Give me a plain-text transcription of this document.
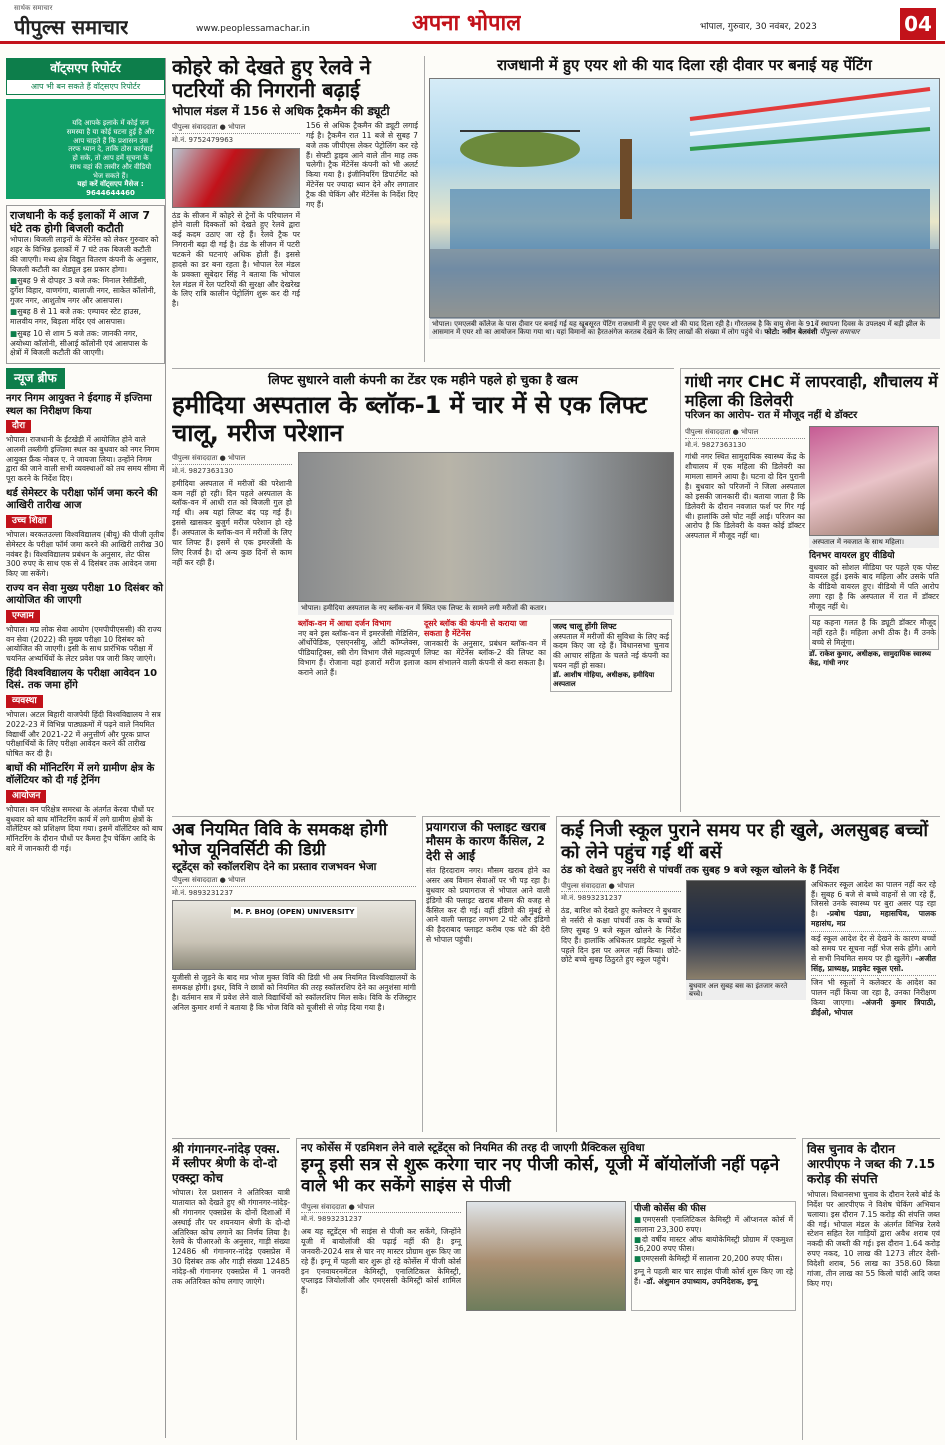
सार्थक समाचार
पीपुल्स समाचार	www.peoplessamachar.in	अपना भोपाल	भोपाल, गुरुवार, 30 नवंबर, 2023	04
वॉट्सएप रिपोर्टर
आप भी बन सकते हैं वॉट्सएप रिपोर्टर
यदि आपके इलाके में कोई जन समस्या है या कोई घटना हुई है और आप चाहते हैं कि प्रशासन उस तरफ ध्यान दे, ताकि ठोस कार्रवाई हो सके, तो आप हमें सूचना के साथ वहां की तस्वीर और वीडियो भेज सकते हैं।
यहां करें वॉट्सएप मैसेज : 9644644460
राजधानी के कई इलाकों में आज 7 घंटे तक होगी बिजली कटौती

भोपाल। बिजली लाइनों के मेंटेनेंस को लेकर गुरुवार को शहर के विभिन्न इलाकों में 7 घंटे तक बिजली कटौती की जाएगी। मध्य क्षेत्र विद्युत वितरण कंपनी के अनुसार, बिजली कटौती का शेड्यूल इस प्रकार होगा।

■ सुबह 9 से दोपहर 3 बजे तक: मिनाल रेसीडेंसी, दुर्गेश विहार, वाणगंगा, बालाजी नगर, साकेत कॉलोनी, गुजर नगर, आशुतोष नगर और आसपास।

■ सुबह 8 से 11 बजे तक: एम्पायर स्टेट हाउस, मालवीय नगर, बिड़ला मंदिर एवं आसपास।

■ सुबह 10 से शाम 5 बजे तक: जानकी नगर, अयोध्या कॉलोनी, सीआई कॉलोनी एवं आसपास के क्षेत्रों में बिजली कटौती की जाएगी।

न्यूज ब्रीफ
नगर निगम आयुक्त ने ईदगाह में इज्तिमा स्थल का निरीक्षण किया
दौरा

भोपाल। राजधानी के ईंटखेड़ी में आयोजित होने वाले आलमी तब्लीगी इज्तिमा स्थल का बुधवार को नगर निगम आयुक्त फ्रैंक नोबल ए. ने जायजा लिया। उन्होंने निगम द्वारा की जाने वाली सभी व्यवस्थाओं को तय समय सीमा में पूरा करने के निर्देश दिए।

थर्ड सेमेस्टर के परीक्षा फॉर्म जमा करने की आखिरी तारीख आज
उच्च शिक्षा

भोपाल। बरकतउल्ला विश्वविद्यालय (बीयू) की पीजी तृतीय सेमेस्टर के परीक्षा फॉर्म जमा करने की आखिरी तारीख 30 नवंबर है। विश्वविद्यालय प्रबंधन के अनुसार, लेट फीस 300 रुपए के साथ एक से 4 दिसंबर तक आवेदन जमा किए जा सकेंगे।

राज्य वन सेवा मुख्य परीक्षा 10 दिसंबर को आयोजित की जाएगी
एग्जाम

भोपाल। मप्र लोक सेवा आयोग (एमपीपीएससी) की राज्य वन सेवा (2022) की मुख्य परीक्षा 10 दिसंबर को आयोजित की जाएगी। इसी के साथ प्रारंभिक परीक्षा में चयनित अभ्यर्थियों के लेटर प्रवेश पत्र जारी किए जाएंगे।

हिंदी विश्वविद्यालय के परीक्षा आवेदन 10 दिसं. तक जमा होंगे
व्यवस्था

भोपाल। अटल बिहारी वाजपेयी हिंदी विश्वविद्यालय ने सत्र 2022-23 में विभिन्न पाठ्यक्रमों में पढ़ने वाले नियमित विद्यार्थी और 2021-22 में अनुत्तीर्ण और पूरक प्राप्त परीक्षार्थियों के लिए परीक्षा आवेदन करने की तारीख घोषित कर दी है।

बाघों की मॉनिटरिंग में लगे ग्रामीण क्षेत्र के वॉलेंटियर को दी गई ट्रेनिंग
आयोजन

भोपाल। वन परिक्षेत्र समरधा के अंतर्गत केरवा पौधों पर बुधवार को बाघ मॉनिटरिंग कार्य में लगे ग्रामीण क्षेत्रों के वॉलेंटियर को प्रशिक्षण दिया गया। इसमें वॉलेंटियर को बाघ मॉनिटरिंग के दौरान पौधों पर कैमरा ट्रैप चेकिंग आदि के बारे में जानकारी दी गई।

कोहरे को देखते हुए रेलवे ने पटरियों की निगरानी बढ़ाई
भोपाल मंडल में 156 से अधिक ट्रैकमैन की ड्यूटी
पीपुल्स संवाददाता ● भोपाल
मो.नं. 9752479963

ठंड के सीजन में कोहरे से ट्रेनों के परिचालन में होने वाली दिक्कतों को देखते हुए रेलवे द्वारा कई कदम उठाए जा रहे हैं। रेलवे ट्रैक पर निगरानी बढ़ा दी गई है। ठंड के सीजन में पटरी चटकने की घटनाएं अधिक होती हैं। इससे हादसे का डर बना रहता है। भोपाल रेल मंडल के प्रवक्ता सूबेदार सिंह ने बताया कि भोपाल रेल मंडल में रेल पटरियों की सुरक्षा और देखरेख के लिए रात्रि कालीन पेट्रोलिंग शुरू कर दी गई है।

156 से अधिक ट्रैकमैन की ड्यूटी लगाई गई है। ट्रैकमैन रात 11 बजे से सुबह 7 बजे तक जीपीएस लेकर पेट्रोलिंग कर रहे हैं। सेफ्टी ड्राइव आने वाले तीन माह तक चलेगी। ट्रैक मेंटेनेंस कंपनी को भी अलर्ट किया गया है। इंजीनियरिंग डिपार्टमेंट को मेंटेनेंस पर ज्यादा ध्यान देने और लगातार ट्रैक की चेकिंग और मेंटेनेंस के निर्देश दिए गए हैं।

राजधानी में हुए एयर शो की याद दिला रही दीवार पर बनाई यह पेंटिंग
भोपाल। एमएलबी कॉलेज के पास दीवार पर बनाई गई यह खूबसूरत पेंटिंग राजधानी में हुए एयर शो की याद दिला रही है। गौरतलब है कि वायु सेना के 91वें स्थापना दिवस के उपलक्ष्य में बड़ी झील के आसमान में एयर शो का आयोजन किया गया था। यहां विमानों का हैरतअंगेज करतब देखने के लिए लाखों की संख्या में लोग पहुंचे थे। फोटो: नवीन बेलवंशी पीपुल्स समाचार
लिफ्ट सुधारने वाली कंपनी का टेंडर एक महीने पहले हो चुका है खत्म
हमीदिया अस्पताल के ब्लॉक-1 में चार में से एक लिफ्ट चालू, मरीज परेशान
पीपुल्स संवाददाता ● भोपाल
मो.नं. 9827363130

हमीदिया अस्पताल में मरीजों की परेशानी कम नहीं हो रही। दिन पहले अस्पताल के ब्लॉक-वन में आधी रात को बिजली गुल हो गई थी। अब यहां लिफ्ट बंद पड़ गई हैं। इससे खासकर बुजुर्ग मरीज परेशान हो रहे हैं। अस्पताल के ब्लॉक-वन में मरीजों के लिए चार लिफ्ट हैं। इसमें से एक इमरजेंसी के लिए रिजर्व है। दो अन्य कुछ दिनों से काम नहीं कर रही हैं।

भोपाल। हमीदिया अस्पताल के नए ब्लॉक-वन में स्थित एक लिफ्ट के सामने लगी मरीजों की कतार।
ब्लॉक-वन में आधा दर्जन विभाग

नए बने इस ब्लॉक-वन में इमरजेंसी मेडिसिन, ऑर्थोपेडिक, एसएनसीयू, ओटी कॉम्प्लेक्स, पीडियाट्रिक्स, स्त्री रोग विभाग जैसे महत्वपूर्ण विभाग हैं। रोजाना यहां हजारों मरीज इलाज कराने आते हैं।

दूसरे ब्लॉक की कंपनी से कराया जा सकता है मेंटेनेंस

जानकारी के अनुसार, प्रबंधन ब्लॉक-वन में लिफ्ट का मेंटेनेंस ब्लॉक-2 की लिफ्ट का काम संभालने वाली कंपनी से करा सकता है।

जल्द चालू होंगी लिफ्ट

अस्पताल में मरीजों की सुविधा के लिए कई कदम किए जा रहे हैं। विधानसभा चुनाव की आचार संहिता के चलते नई कंपनी का चयन नहीं हो सका।

डॉ. आशीष गोहिया, अधीक्षक, हमीदिया अस्पताल
गांधी नगर CHC में लापरवाही, शौचालय में महिला की डिलेवरी
परिजन का आरोप- रात में मौजूद नहीं थे डॉक्टर
पीपुल्स संवाददाता ● भोपाल
मो.नं. 9827363130

गांधी नगर स्थित सामुदायिक स्वास्थ्य केंद्र के शौचालय में एक महिला की डिलेवरी का मामला सामने आया है। घटना दो दिन पुरानी है। बुधवार को परिजनों ने जिला अस्पताल को इसकी जानकारी दी। बताया जाता है कि डिलेवरी के दौरान नवजात फर्श पर गिर गई थी। हालांकि उसे चोट नहीं आई। परिजन का आरोप है कि डिलेवरी के वक्त कोई डॉक्टर अस्पताल में मौजूद नहीं था।

अस्पताल में नवजात के साथ महिला।
दिनभर वायरल हुए वीडियो

बुधवार को सोशल मीडिया पर पहले एक पोस्ट वायरल हुई। इसके बाद महिला और उसके पति के वीडियो वायरल हुए। वीडियो में पति आरोप लगा रहा है कि अस्पताल में रात में डॉक्टर मौजूद नहीं थे।

यह कहना गलत है कि ड्यूटी डॉक्टर मौजूद नहीं रहते हैं। महिला अभी ठीक है। मैं उनके बच्चे से मिलूंगा।

डॉ. राकेश कुमार, अधीक्षक, सामुदायिक स्वास्थ्य केंद्र, गांधी नगर
अब नियमित विवि के समकक्ष होगी भोज यूनिवर्सिटी की डिग्री
स्टूडेंट्स को स्कॉलरशिप देने का प्रस्ताव राजभवन भेजा
पीपुल्स संवाददाता ● भोपाल
मो.नं. 9893231237
M. P. BHOJ (OPEN) UNIVERSITY

यूजीसी से जुड़ने के बाद मप्र भोज मुक्त विवि की डिग्री भी अब नियमित विश्वविद्यालयों के समकक्ष होगी। इधर, विवि ने छात्रों को नियमित की तरह स्कॉलरशिप देने का अनुशंसा मांगी है। वर्तमान सत्र में प्रवेश लेने वाले विद्यार्थियों को स्कॉलरशिप मिल सके। विवि के रजिस्ट्रार अनिल कुमार शर्मा ने बताया है कि भोज विवि को यूजीसी से जोड़ दिया गया है।

प्रयागराज की फ्लाइट खराब मौसम के कारण कैंसिल, 2 देरी से आईं

संत हिरदाराम नगर। मौसम खराब होने का असर अब विमान सेवाओं पर भी पड़ रहा है। बुधवार को प्रयागराज से भोपाल आने वाली इंडिगो की फ्लाइट खराब मौसम की वजह से कैंसिल कर दी गई। वहीं इंडिगो की मुंबई से आने वाली फ्लाइट लगभग 2 घंटे और इंडिगो की हैदराबाद फ्लाइट करीब एक घंटे की देरी से भोपाल पहुंची।

कई निजी स्कूल पुराने समय पर ही खुले, अलसुबह बच्चों को लेने पहुंच गई थीं बसें
ठंड को देखते हुए नर्सरी से पांचवीं तक सुबह 9 बजे स्कूल खोलने के हैं निर्देश
पीपुल्स संवाददाता ● भोपाल
मो.नं. 9893231237

ठंड, बारिश को देखते हुए कलेक्टर ने बुधवार से नर्सरी से कक्षा पांचवीं तक के बच्चों के लिए सुबह 9 बजे स्कूल खोलने के निर्देश दिए हैं। हालांकि अधिकतर प्राइवेट स्कूलों ने पहले दिन इस पर अमल नहीं किया। छोटे-छोटे बच्चे सुबह ठिठुरते हुए स्कूल पहुंचे।

बुधवार अल सुबह बस का इंतजार करते बच्चे।

अधिकतर स्कूल आदेश का पालन नहीं कर रहे हैं। सुबह 6 बजे से बच्चे वाहनों से जा रहे हैं, जिससे उनके स्वास्थ्य पर बुरा असर पड़ रहा है। -प्रबोध पंड्या, महासचिव, पालक महासंघ, मप्र

कई स्कूल आदेश देर से देखने के कारण बच्चों को समय पर सूचना नहीं भेज सके होंगे। आगे से सभी नियमित समय पर ही खुलेंगे। -अजीत सिंह, प्राध्यक्ष, प्राइवेट स्कूल एसो.

जिन भी स्कूलों ने कलेक्टर के आदेश का पालन नहीं किया जा रहा है, उनका निरीक्षण किया जाएगा। -अंजनी कुमार त्रिपाठी, डीईओ, भोपाल

श्री गंगानगर-नांदेड़ एक्स. में स्लीपर श्रेणी के दो-दो एक्स्ट्रा कोच

भोपाल। रेल प्रशासन ने अतिरिक्त यात्री यातायात को देखते हुए श्री गंगानगर-नांदेड़-श्री गंगानगर एक्सप्रेस के दोनों दिशाओं में अस्थाई तौर पर शयनयान श्रेणी के दो-दो अतिरिक्त कोच लगाने का निर्णय लिया है। रेलवे के पीआरओ के अनुसार, गाड़ी संख्या 12486 श्री गंगानगर-नांदेड़ एक्सप्रेस में 30 दिसंबर तक और गाड़ी संख्या 12485 नांदेड़-श्री गंगानगर एक्सप्रेस में 1 जनवरी तक अतिरिक्त कोच लगाए जाएंगे।

नए कोर्सेस में एडमिशन लेने वाले स्टूडेंट्स को नियमित की तरह दी जाएगी प्रैक्टिकल सुविधा
इग्नू इसी सत्र से शुरू करेगा चार नए पीजी कोर्स, यूजी में बॉयोलॉजी नहीं पढ़ने वाले भी कर सकेंगे साइंस से पीजी
पीपुल्स संवाददाता ● भोपाल
मो.नं. 9893231237

अब यह स्टूडेंट्स भी साइंस से पीजी कर सकेंगे, जिन्होंने यूजी में बायोलॉजी की पढ़ाई नहीं की है। इग्नू जनवरी-2024 सत्र से चार नए मास्टर प्रोग्राम शुरू किए जा रहे हैं। इग्नू में पहली बार शुरू हो रहे कोर्सेस में पीजी कोर्स इन एनवायरनमेंटल केमिस्ट्री, एनालिटिकल केमिस्ट्री, एप्लाइड जियोलॉजी और एमएससी केमिस्ट्री कोर्स शामिल हैं।

पीजी कोर्सेस की फीस

■ एमएससी एनालिटिकल केमिस्ट्री में ऑप्शनल कोर्स में सालाना 23,300 रुपए।

■ दो वर्षीय मास्टर ऑफ बायोकेमिस्ट्री प्रोग्राम में एकमुश्त 36,200 रुपए फीस।

■ एमएससी केमिस्ट्री में सालाना 20,200 रुपए फीस।

इग्नू ने पहली बार चार साइंस पीजी कोर्स शुरू किए जा रहे हैं। -डॉ. अंशुमान उपाध्याय, उपनिदेशक, इग्नू

विस चुनाव के दौरान आरपीएफ ने जब्त की 7.15 करोड़ की संपत्ति

भोपाल। विधानसभा चुनाव के दौरान रेलवे बोर्ड के निर्देश पर आरपीएफ ने विशेष चेकिंग अभियान चलाया। इस दौरान 7.15 करोड़ की संपत्ति जब्त की गई। भोपाल मंडल के अंतर्गत विभिन्न रेलवे स्टेशन सहित रेल गाड़ियों द्वारा अवैध शराब एवं नकदी की जब्ती की गई। इस दौरान 1.64 करोड़ रुपए नकद, 10 लाख की 1273 लीटर देसी-विदेशी शराब, 56 लाख का 358.60 किग्रा गांजा, तीन लाख का 55 किलो चांदी आदि जब्त किए गए।
